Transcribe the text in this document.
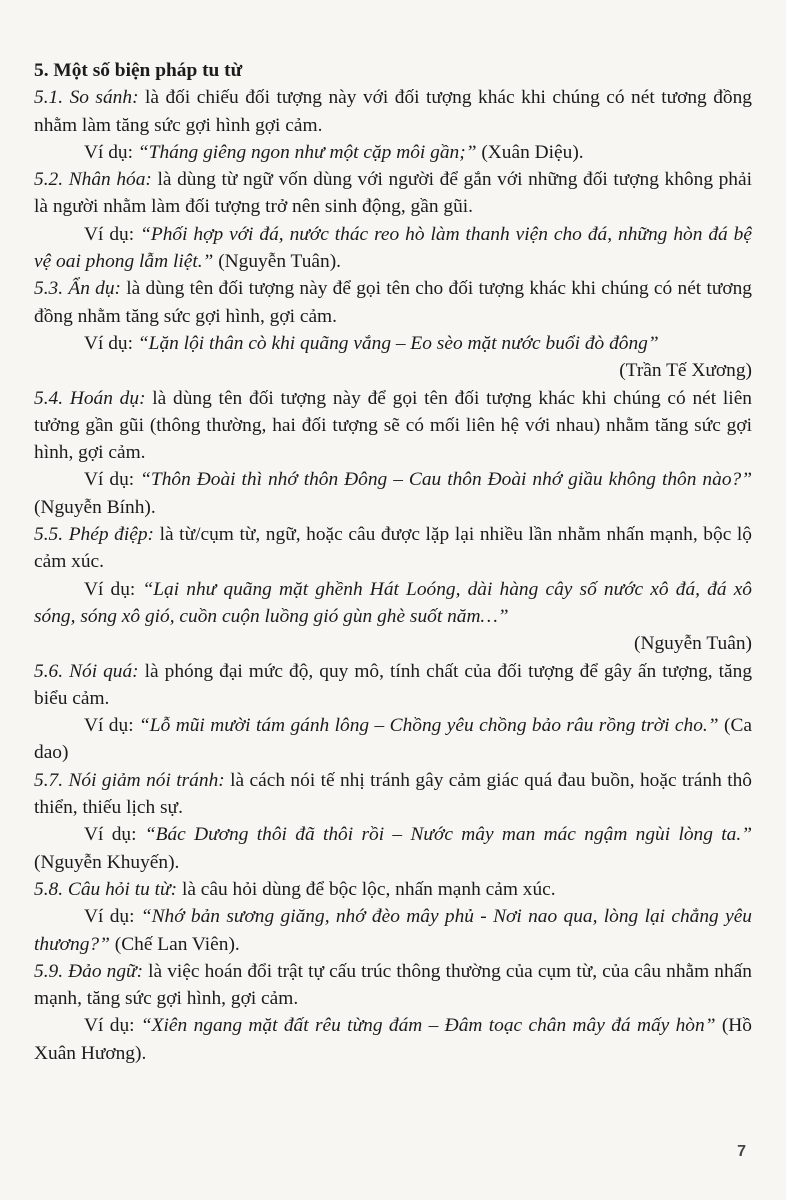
5. Một số biện pháp tu từ

5.1. So sánh: là đối chiếu đối tượng này với đối tượng khác khi chúng có nét tương đồng nhằm làm tăng sức gợi hình gợi cảm.

Ví dụ: “Tháng giêng ngon như một cặp môi gần;” (Xuân Diệu).

5.2. Nhân hóa: là dùng từ ngữ vốn dùng với người để gắn với những đối tượng không phải là người nhằm làm đối tượng trở nên sinh động, gần gũi.

Ví dụ: “Phối hợp với đá, nước thác reo hò làm thanh viện cho đá, những hòn đá bệ vệ oai phong lẫm liệt.” (Nguyễn Tuân).

5.3. Ẩn dụ: là dùng tên đối tượng này để gọi tên cho đối tượng khác khi chúng có nét tương đồng nhằm tăng sức gợi hình, gợi cảm.

Ví dụ: “Lặn lội thân cò khi quãng vắng – Eo sèo mặt nước buổi đò đông”

(Trần Tế Xương)

5.4. Hoán dụ: là dùng tên đối tượng này để gọi tên đối tượng khác khi chúng có nét liên tưởng gần gũi (thông thường, hai đối tượng sẽ có mối liên hệ với nhau) nhằm tăng sức gợi hình, gợi cảm.

Ví dụ: “Thôn Đoài thì nhớ thôn Đông – Cau thôn Đoài nhớ giầu không thôn nào?” (Nguyễn Bính).

5.5. Phép điệp: là từ/cụm từ, ngữ, hoặc câu được lặp lại nhiều lần nhằm nhấn mạnh, bộc lộ cảm xúc.

Ví dụ: “Lại như quãng mặt ghềnh Hát Loóng, dài hàng cây số nước xô đá, đá xô sóng, sóng xô gió, cuồn cuộn luồng gió gùn ghè suốt năm…”

(Nguyễn Tuân)

5.6. Nói quá: là phóng đại mức độ, quy mô, tính chất của đối tượng để gây ấn tượng, tăng biểu cảm.

Ví dụ: “Lỗ mũi mười tám gánh lông – Chồng yêu chồng bảo râu rồng trời cho.” (Ca dao)

5.7. Nói giảm nói tránh: là cách nói tế nhị tránh gây cảm giác quá đau buồn, hoặc tránh thô thiển, thiếu lịch sự.

Ví dụ: “Bác Dương thôi đã thôi rồi – Nước mây man mác ngậm ngùi lòng ta.” (Nguyễn Khuyến).

5.8. Câu hỏi tu từ: là câu hỏi dùng để bộc lộc, nhấn mạnh cảm xúc.

Ví dụ: “Nhớ bản sương giăng, nhớ đèo mây phủ - Nơi nao qua, lòng lại chẳng yêu thương?” (Chế Lan Viên).

5.9. Đảo ngữ: là việc hoán đổi trật tự cấu trúc thông thường của cụm từ, của câu nhằm nhấn mạnh, tăng sức gợi hình, gợi cảm.

Ví dụ: “Xiên ngang mặt đất rêu từng đám – Đâm toạc chân mây đá mấy hòn” (Hồ Xuân Hương).

7
